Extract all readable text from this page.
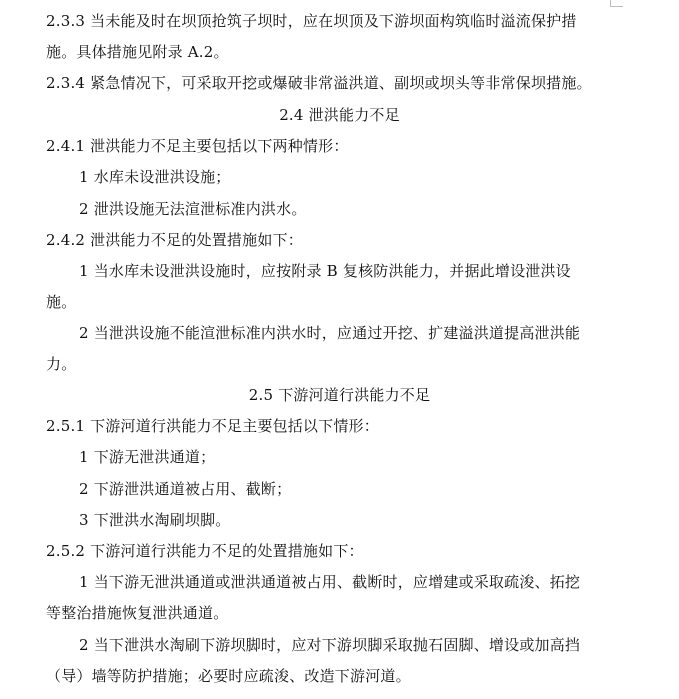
2.3.3 当未能及时在坝顶抢筑子坝时，应在坝顶及下游坝面构筑临时溢流保护措
施。具体措施见附录 A.2。
2.3.4 紧急情况下，可采取开挖或爆破非常溢洪道、副坝或坝头等非常保坝措施。
2.4 泄洪能力不足
2.4.1 泄洪能力不足主要包括以下两种情形：
1 水库未设泄洪设施；
2 泄洪设施无法渲泄标准内洪水。
2.4.2 泄洪能力不足的处置措施如下：
1 当水库未设泄洪设施时，应按附录 B 复核防洪能力，并据此增设泄洪设
施。
2 当泄洪设施不能渲泄标准内洪水时，应通过开挖、扩建溢洪道提高泄洪能
力。
2.5 下游河道行洪能力不足
2.5.1 下游河道行洪能力不足主要包括以下情形：
1 下游无泄洪通道；
2 下游泄洪通道被占用、截断；
3 下泄洪水淘刷坝脚。
2.5.2 下游河道行洪能力不足的处置措施如下：
1 当下游无泄洪通道或泄洪通道被占用、截断时，应增建或采取疏浚、拓挖
等整治措施恢复泄洪通道。
2 当下泄洪水淘刷下游坝脚时，应对下游坝脚采取抛石固脚、增设或加高挡
（导）墙等防护措施；必要时应疏浚、改造下游河道。
